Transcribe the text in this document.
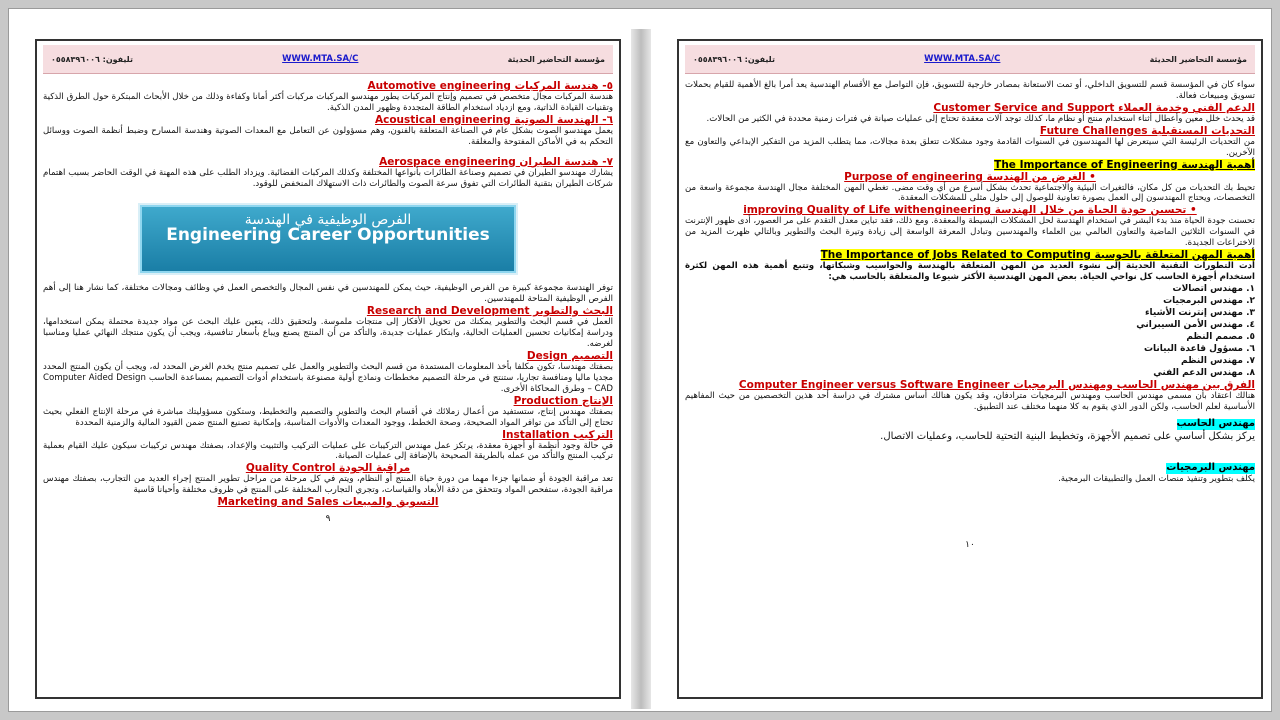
تليفون: ٠٥٥٨٣٩٦٠٠٦	WWW.MTA.SA/C	مؤسسة التحاضير الحديثة

٥- هندسة المركبات Automotive engineering

هندسة المركبات مجال متخصص في تصميم وإنتاج المركبات يطور مهندسو المركبات مركبات أكثر أمانا وكفاءة وذلك من خلال الأبحاث المبتكرة حول الطرق الذكية وتقنيات القيادة الذاتية، ومع ازدياد استخدام الطاقة المتجددة وظهور المدن الذكية.

٦- الهندسة الصوتية Acoustical engineering

يعمل مهندسو الصوت بشكل عام في الصناعة المتعلقة بالفنون، وهم مسؤولون عن التعامل مع المعدات الصوتية وهندسة المسارح وضبط أنظمة الصوت ووسائل التحكم به في الأماكن المفتوحة والمغلقة.

٧- هندسة الطيران Aerospace engineering

يشارك مهندسو الطيران في تصميم وصناعة الطائرات بأنواعها المختلفة وكذلك المركبات الفضائية. ويزداد الطلب على هذه المهنة في الوقت الحاضر بسبب اهتمام شركات الطيران بتقنية الطائرات التي تفوق سرعة الصوت والطائرات ذات الاستهلاك المنخفض للوقود.

الفرص الوظيفية في الهندسة
Engineering Career Opportunities

توفر الهندسة مجموعة كبيرة من الفرص الوظيفية، حيث يمكن للمهندسين في نفس المجال والتخصص العمل في وظائف ومجالات مختلفة، كما نشار هنا إلى أهم الفرص الوظيفية المتاحة للمهندسين.

البحث والتطوير Research and Development

العمل في قسم البحث والتطوير يمكنك من تحويل الأفكار إلى منتجات ملموسة. ولتحقيق ذلك، يتعين عليك البحث عن مواد جديدة محتملة يمكن استخدامها، ودراسة إمكانيات تحسين العمليات الحالية، وابتكار عمليات جديدة، والتأكد من أن المنتج يصنع ويباع بأسعار تنافسية، ويجب أن يكون منتجك النهائي عمليا ومناسبا لغرضه.

التصميم Design

بصفتك مهندسا، تكون مكلفا بأخذ المعلومات المستمدة من قسم البحث والتطوير والعمل على تصميم منتج يخدم الغرض المحدد له، ويجب أن يكون المنتج المحدد مجديا ماليا ومنافسة تجاريا، ستنتج في مرحلة التصميم مخططات ونماذج أولية مصنوعة باستخدام أدوات التصميم بمساعدة الحاسب Computer Aided Design – CAD وطرق المحاكاة الأخرى.

الإنتاج Production

بصفتك مهندس إنتاج، ستستفيد من أعمال زملائك في أقسام البحث والتطوير والتصميم والتخطيط، وستكون مسؤوليتك مباشرة في مرحلة الإنتاج الفعلي بحيث تحتاج إلى التأكد من توافر المواد الصحيحة، وصحة الخطط، ووجود المعدات والأدوات المناسبة، وإمكانية تصنيع المنتج ضمن القيود المالية والزمنية المحددة

التركيب Installation

في حالة وجود أنظمة أو أجهزة معقدة، يرتكز عمل مهندس التركيبات على عمليات التركيب والتثبيت والإعداد، بصفتك مهندس تركيبات سيكون عليك القيام بعملية تركيب المنتج والتأكد من عمله بالطريقة الصحيحة بالإضافة إلى عمليات الصيانة.

مراقبة الجودة Quality Control

تعد مراقبة الجودة أو ضمانها جزءا مهما من دورة حياة المنتج أو النظام، ويتم في كل مرحلة من مراحل تطوير المنتج إجراء العديد من التجارب، بصفتك مهندس مراقبة الجودة، ستفحص المواد وتتحقق من دقة الأبعاد والقياسات، وتجري التجارب المختلفة على المنتج في ظروف مختلفة وأحيانا قاسية

التسويق والمبيعات Marketing and Sales

٩
تليفون: ٠٥٥٨٣٩٦٠٠٦	WWW.MTA.SA/C	مؤسسة التحاضير الحديثة

سواء كان في المؤسسة قسم للتسويق الداخلي، أو تمت الاستعانة بمصادر خارجية للتسويق، فإن التواصل مع الأقسام الهندسية يعد أمرا بالغ الأهمية للقيام بحملات تسويق ومبيعات فعالة.

الدعم الفني وخدمة العملاء Customer Service and Support

قد يحدث خلل معين وأعطال أثناء استخدام منتج أو نظام ما، كذلك توجد آلات معقدة تحتاج إلى عمليات صيانة في فترات زمنية محددة في الكثير من الحالات.

التحديات المستقبلية Future Challenges

من التحديات الرئيسة التي سيتعرض لها المهندسون في السنوات القادمة وجود مشكلات تتعلق بعدة مجالات، مما يتطلب المزيد من التفكير الإبداعي والتعاون مع الآخرين.

أهمية الهندسة The Importance of Engineering

• الغرض من الهندسة Purpose of engineering

تحيط بك التحديات من كل مكان، فالتغيرات البيئية والاجتماعية تحدث بشكل أسرع من أي وقت مضى. تغطي المهن المختلفة مجال الهندسة مجموعة واسعة من التخصصات، ويحتاج المهندسون إلى العمل بصورة تعاونية للوصول إلى حلول مثلى للمشكلات المعقدة.

• تحسين جودة الحياة من خلال الهندسة improving Quality of Life withengineering

تحسنت جودة الحياة منذ بدء البشر في استخدام الهندسة لحل المشكلات البسيطة والمعقدة. ومع ذلك، فقد تباين معدل التقدم على مر العصور، أدى ظهور الإنترنت في السنوات الثلاثين الماضية والتعاون العالمي بين العلماء والمهندسين وتبادل المعرفة الواسعة إلى زيادة وتيرة البحث والتطوير وبالتالي ظهرت المزيد من الاختراعات الجديدة.

أهمية المهن المتعلقة بالحوسبة The Importance of Jobs Related to Computing

أدت التطورات التقنية الحديثة إلى نشوء العديد من المهن المتعلقة بالهندسة والحواسيب وشبكاتها، وتتبع أهمية هذه المهن لكثرة استخدام أجهزة الحاسب كل نواحي الحياة. بعض المهن الهندسية الأكثر شيوعا والمتعلقة بالحاسب هي:

١. مهندس اتصالات
٢. مهندس البرمجيات
٣. مهندس إنترنت الأشياء
٤. مهندس الأمن السيبراني
٥. مصمم النظم
٦. مسؤول قاعدة البيانات
٧. مهندس النظم
٨. مهندس الدعم الفني

الفرق بين مهندس الحاسب ومهندس البرمجيات Computer Engineer versus Software Engineer

هنالك اعتقاد بأن مسمى مهندس الحاسب ومهندس البرمجيات مترادفان، وقد يكون هنالك أساس مشترك في دراسة أحد هذين التخصصين من حيث المفاهيم الأساسية لعلم الحاسب، ولكن الدور الذي يقوم به كلا منهما مختلف عند التطبيق.

مهندس الحاسب

يركز بشكل أساسي على تصميم الأجهزة، وتخطيط البنية التحتية للحاسب، وعمليات الاتصال.

مهندس البرمجيات

يكلف بتطوير وتنفيذ منصات العمل والتطبيقات البرمجية.

١٠
